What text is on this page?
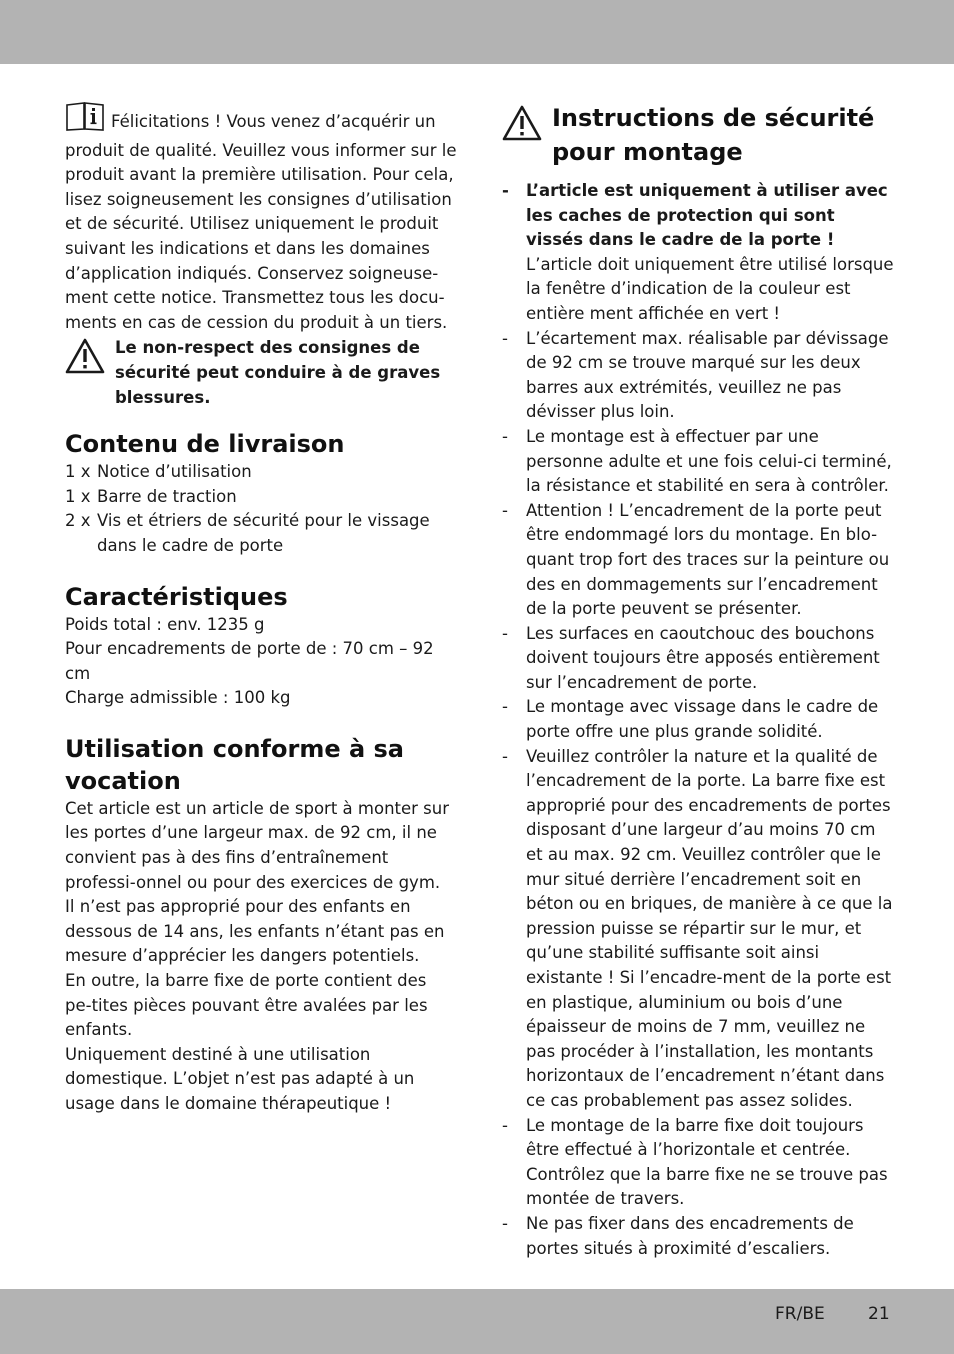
Félicitations ! Vous venez d’acquérir un produit de qualité. Veuillez vous informer sur le produit avant la première utilisation. Pour cela, lisez soigneusement les consignes d’utilisation et de sécurité. Utilisez uniquement le produit suivant les indications et dans les domaines d’application indiqués. Conservez soigneuse-ment cette notice. Transmettez tous les docu-ments en cas de cession du produit à un tiers.

Le non-respect des consignes de sécurité peut conduire à de graves blessures.
Contenu de livraison
1 x Notice d’utilisation
1 x Barre de traction
2 x Vis et étriers de sécurité pour le vissage dans le cadre de porte
Caractéristiques

Poids total : env. 1235 g

Pour encadrements de porte de : 70 cm – 92 cm

Charge admissible : 100 kg

Utilisation conforme à sa vocation

Cet article est un article de sport à monter sur les portes d’une largeur max. de 92 cm, il ne convient pas à des fins d’entraînement professi-onnel ou pour des exercices de gym.

Il n’est pas approprié pour des enfants en dessous de 14 ans, les enfants n’étant pas en mesure d’apprécier les dangers potentiels.

En outre, la barre fixe de porte contient des pe-tites pièces pouvant être avalées par les enfants.

Uniquement destiné à une utilisation domestique. L’objet n’est pas adapté à un usage dans le domaine thérapeutique !

Instructions de sécurité pour montage
-	L’article est uniquement à utiliser avec les caches de protection qui sont vissés dans le cadre de la porte !
L’article doit uniquement être utilisé lorsque la fenêtre d’indication de la couleur est entière ment affichée en vert !
-	L’écartement max. réalisable par dévissage de 92 cm se trouve marqué sur les deux barres aux extrémités, veuillez ne pas dévisser plus loin.
-	Le montage est à effectuer par une personne adulte et une fois celui-ci terminé, la résistance et stabilité en sera à contrôler.
-	Attention ! L’encadrement de la porte peut être endommagé lors du montage. En blo-quant trop fort des traces sur la peinture ou des en dommagements sur l’encadrement de la porte peuvent se présenter.
-	Les surfaces en caoutchouc des bouchons doivent toujours être apposés entièrement sur l’encadrement de porte.
-	Le montage avec vissage dans le cadre de porte offre une plus grande solidité.
-	Veuillez contrôler la nature et la qualité de l’encadrement de la porte. La barre fixe est approprié pour des encadrements de portes disposant d’une largeur d’au moins 70 cm et au max. 92 cm. Veuillez contrôler que le mur situé derrière l’encadrement soit en béton ou en briques, de manière à ce que la pression puisse se répartir sur le mur, et qu’une stabilité suffisante soit ainsi existante ! Si l’encadre-ment de la porte est en plastique, aluminium ou bois d’une épaisseur de moins de 7 mm, veuillez ne pas procéder à l’installation, les montants horizontaux de l’encadrement n’étant dans ce cas probablement pas assez solides.
-	Le montage de la barre fixe doit toujours être effectué à l’horizontale et centrée. Contrôlez que la barre fixe ne se trouve pas montée de travers.
-	Ne pas fixer dans des encadrements de portes situés à proximité d’escaliers.
FR/BE	21
